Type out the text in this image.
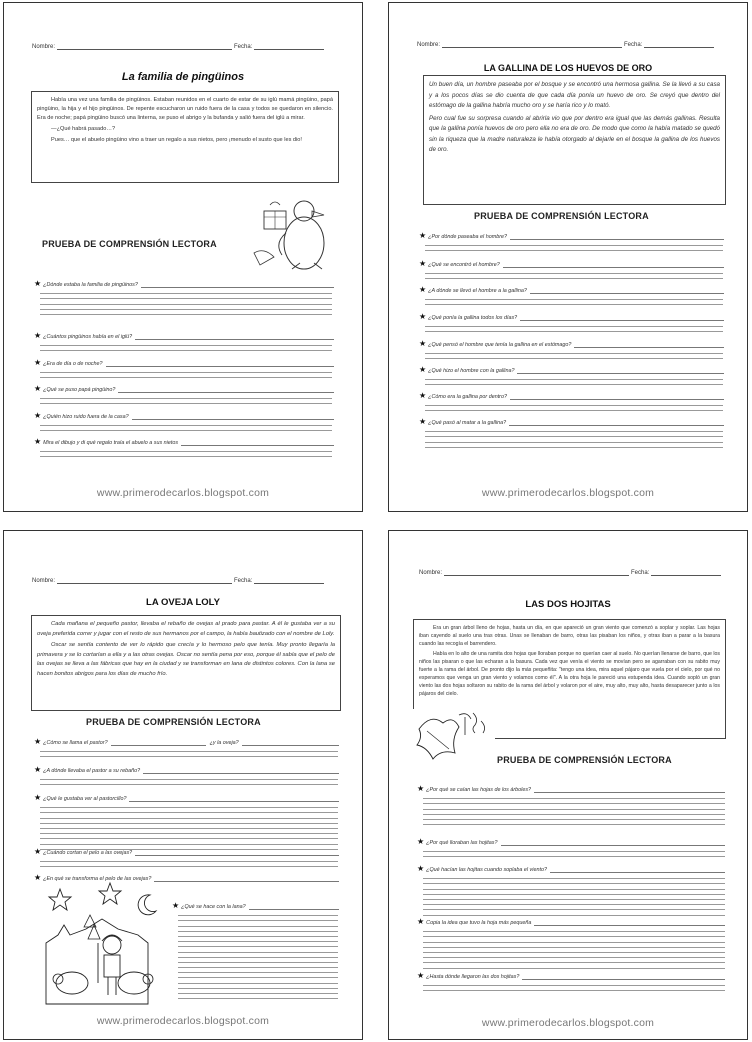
Nombre:	Fecha:
La familia de pingüinos

Había una vez una familia de pingüinos. Estaban reunidos en el cuarto de estar de su iglú mamá pingüino, papá pingüino, la hija y el hijo pingüinos. De repente escucharon un ruido fuera de la casa y todos se quedaron en silencio. Era de noche; papá pingüino buscó una linterna, se puso el abrigo y la bufanda y salió fuera del iglú a mirar.

—¿Qué habrá pasado…?

Pues… que el abuelo pingüino vino a traer un regalo a sus nietos, pero ¡menudo el susto que les dio!

PRUEBA DE COMPRENSIÓN LECTORA
★ ¿Dónde estaba la familia de pingüinos?
★ ¿Cuántos pingüinos había en el iglú?
★ ¿Era de día o de noche?
★ ¿Qué se puso papá pingüino?
★ ¿Quién hizo ruido fuera de la casa?
★ Mira el dibujo y di qué regalo traía el abuelo a sus nietos
www.primerodecarlos.blogspot.com
Nombre:	Fecha:
LA GALLINA DE LOS HUEVOS DE ORO

Un buen día, un hombre paseaba por el bosque y se encontró una hermosa gallina. Se la llevó a su casa y a los pocos días se dio cuenta de que cada día ponía un huevo de oro. Se creyó que dentro del estómago de la gallina habría mucho oro y se haría rico y lo mató.

Pero cual fue su sorpresa cuando al abrirla vio que por dentro era igual que las demás gallinas. Resulta que la gallina ponía huevos de oro pero ella no era de oro. De modo que como la había matado se quedó sin la riqueza que la madre naturaleza le había otorgado al dejarle en el bosque la gallina de los huevos de oro.

PRUEBA DE COMPRENSIÓN LECTORA
★ ¿Por dónde paseaba el hombre?
★ ¿Qué se encontró el hombre?
★ ¿A dónde se llevó el hombre a la gallina?
★ ¿Qué ponía la gallina todos los días?
★ ¿Qué pensó el hombre que tenía la gallina en el estómago?
★ ¿Qué hizo el hombre con la gallina?
★ ¿Cómo era la gallina por dentro?
★ ¿Qué pasó al matar a la gallina?
www.primerodecarlos.blogspot.com
Nombre:	Fecha:
LA OVEJA LOLY

Cada mañana el pequeño pastor, llevaba el rebaño de ovejas al prado para pastar. A él le gustaba ver a su oveja preferida correr y jugar con el resto de sus hermanos por el campo, la había bautizado con el nombre de Loly.

Oscar se sentía contento de ver lo rápido que crecía y lo hermoso pelo que tenía. Muy pronto llegaría la primavera y se lo cortarían a ella y a las otras ovejas. Oscar no sentía pena por eso, porque él sabía que el pelo de las ovejas se lleva a las fábricas que hay en la ciudad y se transforman en lana de distintos colores. Con la lana se hacen bonitos abrigos para los días de mucho frío.

PRUEBA DE COMPRENSIÓN LECTORA
★ ¿Cómo se llama el pastor?	¿y la oveja?
★ ¿A dónde llevaba el pastor a su rebaño?
★ ¿Qué le gustaba ver al pastorcillo?
★ ¿Cuándo cortan el pelo a las ovejas?
★ ¿En qué se transforma el pelo de las ovejas?
★ ¿Qué se hace con la lana?
www.primerodecarlos.blogspot.com
Nombre:	Fecha:
LAS DOS HOJITAS

Era un gran árbol lleno de hojas, hasta un día, en que apareció un gran viento que comenzó a soplar y soplar. Las hojas iban cayendo al suelo una tras otras. Unas se llenaban de barro, otras las pisaban los niños, y otras iban a parar a la basura cuando las recogía el barrendero.

Había en lo alto de una ramita dos hojas que lloraban porque no querían caer al suelo. No querían llenarse de barro, que los niños las pisaran o que las echaran a la basura. Cada vez que venía el viento se movían pero se agarraban con su rabito muy fuerte a la rama del árbol. De pronto dijo la más pequeñita: "tengo una idea, mira aquel pájaro que vuela por el cielo, por qué no esperamos que venga un gran viento y volamos como él". A la otra hoja le pareció una estupenda idea. Cuando sopló un gran viento las dos hojas soltaron su rabito de la rama del árbol y volaron por el aire, muy alto, muy alto, hasta desaparecer junto a los pájaros del cielo.

PRUEBA DE COMPRENSIÓN LECTORA
★ ¿Por qué se caían las hojas de los árboles?
★ ¿Por qué lloraban las hojitas?
★ ¿Qué hacían las hojitas cuando soplaba el viento?
★ Copia la idea que tuvo la hoja más pequeña
★ ¿Hasta dónde llegaron las dos hojitas?
www.primerodecarlos.blogspot.com
